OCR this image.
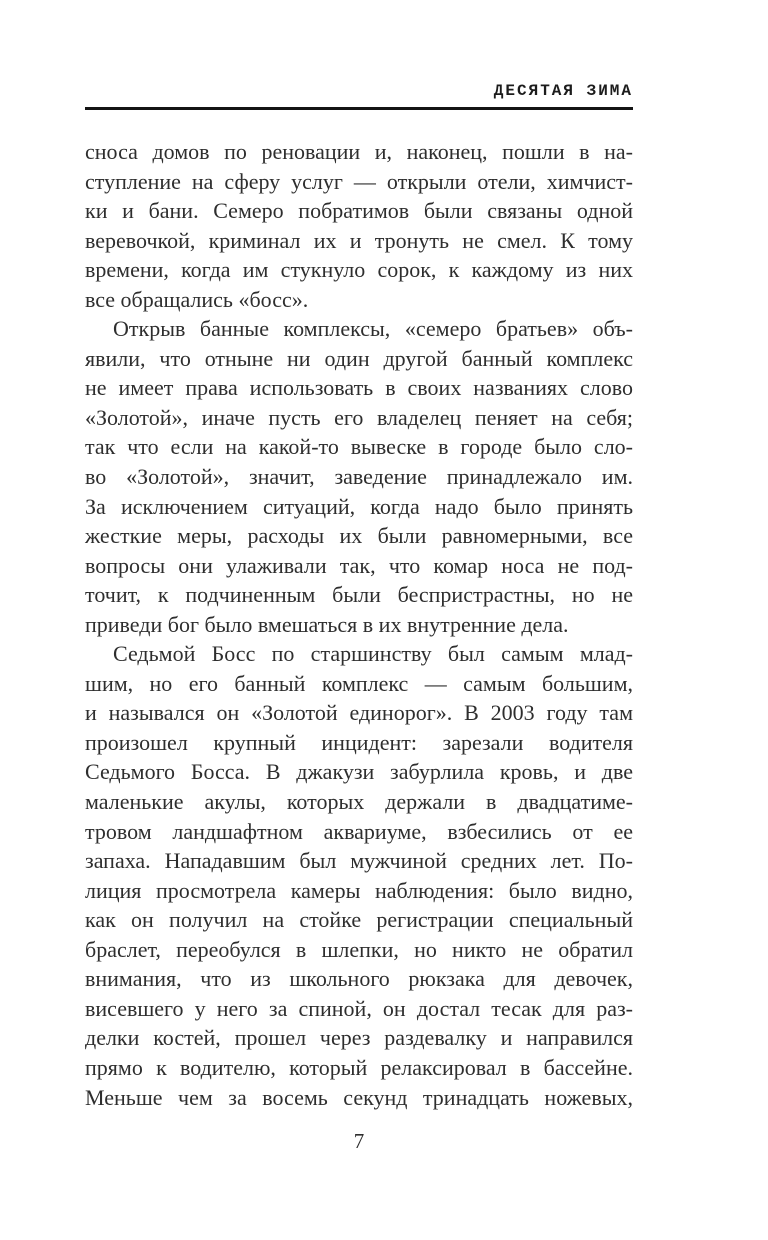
ДЕСЯТАЯ ЗИМА
сноса домов по реновации и, наконец, пошли в на-
ступление на сферу услуг — открыли отели, химчист-
ки и бани. Семеро побратимов были связаны одной
веревочкой, криминал их и тронуть не смел. К тому
времени, когда им стукнуло сорок, к каждому из них
все обращались «босс».
Открыв банные комплексы, «семеро братьев» объ-
явили, что отныне ни один другой банный комплекс
не имеет права использовать в своих названиях слово
«Золотой», иначе пусть его владелец пеняет на себя;
так что если на какой-то вывеске в городе было сло-
во «Золотой», значит, заведение принадлежало им.
За исключением ситуаций, когда надо было принять
жесткие меры, расходы их были равномерными, все
вопросы они улаживали так, что комар носа не под-
точит, к подчиненным были беспристрастны, но не
приведи бог было вмешаться в их внутренние дела.
Седьмой Босс по старшинству был самым млад-
шим, но его банный комплекс — самым большим,
и назывался он «Золотой единорог». В 2003 году там
произошел крупный инцидент: зарезали водителя
Седьмого Босса. В джакузи забурлила кровь, и две
маленькие акулы, которых держали в двадцатиме-
тровом ландшафтном аквариуме, взбесились от ее
запаха. Нападавшим был мужчиной средних лет. По-
лиция просмотрела камеры наблюдения: было видно,
как он получил на стойке регистрации специальный
браслет, переобулся в шлепки, но никто не обратил
внимания, что из школьного рюкзака для девочек,
висевшего у него за спиной, он достал тесак для раз-
делки костей, прошел через раздевалку и направился
прямо к водителю, который релаксировал в бассейне.
Меньше чем за восемь секунд тринадцать ножевых,
7
